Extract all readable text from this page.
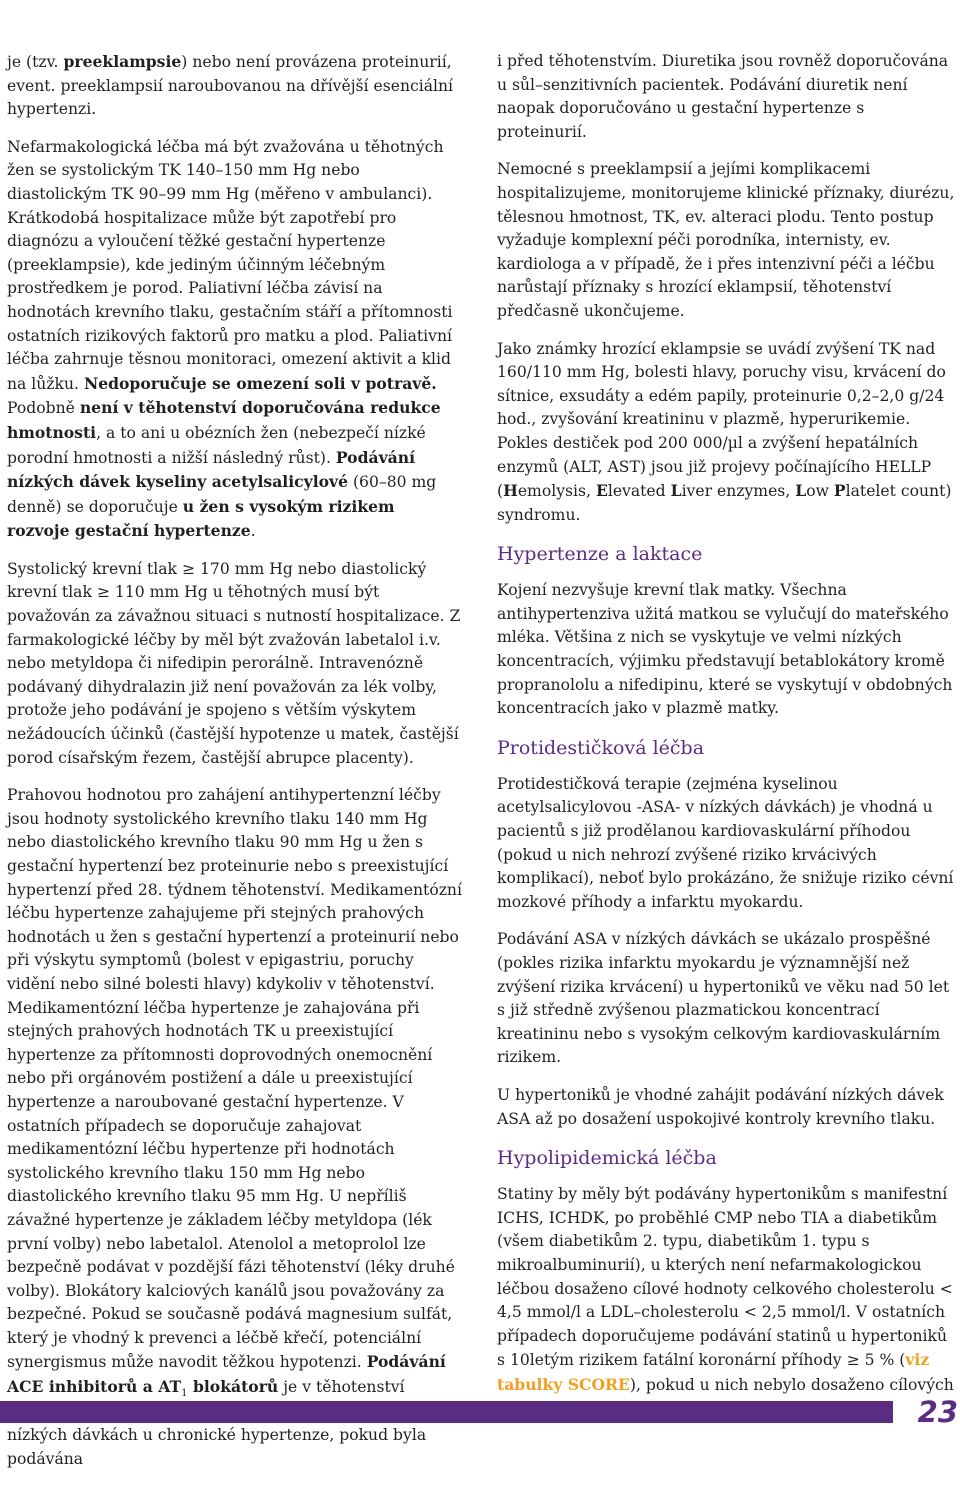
je (tzv. preeklampsie) nebo není provázena proteinurií, event. preeklampsií naroubovanou na dřívější esenciální hypertenzi.

Nefarmakologická léčba má být zvažována u těhotných žen se systolickým TK 140–150 mm Hg nebo diastolickým TK 90–99 mm Hg (měřeno v ambulanci). Krátkodobá hospitalizace může být zapotřebí pro diagnózu a vyloučení těžké gestační hypertenze (preeklampsie), kde jediným účinným léčebným prostředkem je porod. Paliativní léčba závisí na hodnotách krevního tlaku, gestačním stáří a přítomnosti ostatních rizikových faktorů pro matku a plod. Paliativní léčba zahrnuje těsnou monitoraci, omezení aktivit a klid na lůžku. Nedoporučuje se omezení soli v potravě. Podobně není v těhotenství doporučována redukce hmotnosti, a to ani u obézních žen (nebezpečí nízké porodní hmotnosti a nižší následný růst). Podávání nízkých dávek kyseliny acetylsalicylové (60–80 mg denně) se doporučuje u žen s vysokým rizikem rozvoje gestační hypertenze.

Systolický krevní tlak ≥ 170 mm Hg nebo diastolický krevní tlak ≥ 110 mm Hg u těhotných musí být považován za závažnou situaci s nutností hospitalizace. Z farmakologické léčby by měl být zvažován labetalol i.v. nebo metyldopa či nifedipin perorálně. Intravenózně podávaný dihydralazin již není považován za lék volby, protože jeho podávání je spojeno s větším výskytem nežádoucích účinků (častější hypotenze u matek, častější porod císařským řezem, častější abrupce placenty).

Prahovou hodnotou pro zahájení antihypertenzní léčby jsou hodnoty systolického krevního tlaku 140 mm Hg nebo diastolického krevního tlaku 90 mm Hg u žen s gestační hypertenzí bez proteinurie nebo s preexistující hypertenzí před 28. týdnem těhotenství. Medikamentózní léčbu hypertenze zahajujeme při stejných prahových hodnotách u žen s gestační hypertenzí a proteinurií nebo při výskytu symptomů (bolest v epigastriu, poruchy vidění nebo silné bolesti hlavy) kdykoliv v těhotenství. Medikamentózní léčba hypertenze je zahajována při stejných prahových hodnotách TK u preexistující hypertenze za přítomnosti doprovodných onemocnění nebo při orgánovém postižení a dále u preexistující hypertenze a naroubované gestační hypertenze. V ostatních případech se doporučuje zahajovat medikamentózní léčbu hypertenze při hodnotách systolického krevního tlaku 150 mm Hg nebo diastolického krevního tlaku 95 mm Hg. U nepříliš závažné hypertenze je základem léčby metyldopa (lék první volby) nebo labetalol. Atenolol a metoprolol lze bezpečně podávat v pozdější fázi těhotenství (léky druhé volby). Blokátory kalciových kanálů jsou považovány za bezpečné. Pokud se současně podává magnesium sulfát, který je vhodný k prevenci a léčbě křečí, potenciální synergismus může navodit těžkou hypotenzi. Podávání ACE inhibitorů a $AT_1$ blokátorů je v těhotenství nízkých dávkách u chronické hypertenze, pokud byla podávána

i před těhotenstvím. Diuretika jsou rovněž doporučována u sůl–senzitivních pacientek. Podávání diuretik není naopak doporučováno u gestační hypertenze s proteinurií.

Nemocné s preeklampsií a jejími komplikacemi hospitalizujeme, monitorujeme klinické příznaky, diurézu, tělesnou hmotnost, TK, ev. alteraci plodu. Tento postup vyžaduje komplexní péči porodníka, internisty, ev. kardiologa a v případě, že i přes intenzivní péči a léčbu narůstají příznaky s hrozící eklampsií, těhotenství předčasně ukončujeme.

Jako známky hrozící eklampsie se uvádí zvýšení TK nad 160/110 mm Hg, bolesti hlavy, poruchy visu, krvácení do sítnice, exsudáty a edém papily, proteinurie 0,2–2,0 g/24 hod., zvyšování kreatininu v plazmě, hyperurikemie. Pokles destiček pod 200 000/µl a zvýšení hepatálních enzymů (ALT, AST) jsou již projevy počínajícího HELLP (Hemolysis, Elevated Liver enzymes, Low Platelet count) syndromu.

Hypertenze a laktace

Kojení nezvyšuje krevní tlak matky. Všechna antihypertenziva užitá matkou se vylučují do mateřského mléka. Většina z nich se vyskytuje ve velmi nízkých koncentracích, výjimku představují betablokátory kromě propranololu a nifedipinu, které se vyskytují v obdobných koncentracích jako v plazmě matky.

Protidestičková léčba

Protidestičková terapie (zejména kyselinou acetylsalicylovou -ASA- v nízkých dávkách) je vhodná u pacientů s již prodělanou kardiovaskulární příhodou (pokud u nich nehrozí zvýšené riziko krvácivých komplikací), neboť bylo prokázáno, že snižuje riziko cévní mozkové příhody a infarktu myokardu.

Podávání ASA v nízkých dávkách se ukázalo prospěšné (pokles rizika infarktu myokardu je významnější než zvýšení rizika krvácení) u hypertoniků ve věku nad 50 let s již středně zvýšenou plazmatickou koncentrací kreatininu nebo s vysokým celkovým kardiovaskulárním rizikem.

U hypertoniků je vhodné zahájit podávání nízkých dávek ASA až po dosažení uspokojivé kontroly krevního tlaku.

Hypolipidemická léčba

Statiny by měly být podávány hypertonikům s manifestní ICHS, ICHDK, po proběhlé CMP nebo TIA a diabetikům (všem diabetikům 2. typu, diabetikům 1. typu s mikroalbuminurií), u kterých není nefarmakologickou léčbou dosaženo cílové hodnoty celkového cholesterolu < 4,5 mmol/l a LDL–cholesterolu < 2,5 mmol/l. V ostatních případech doporučujeme podávání statinů u hypertoniků s 10letým rizikem fatální koronární příhody ≥ 5 % (viz tabulky SCORE), pokud u nich nebylo dosaženo cílových

23
